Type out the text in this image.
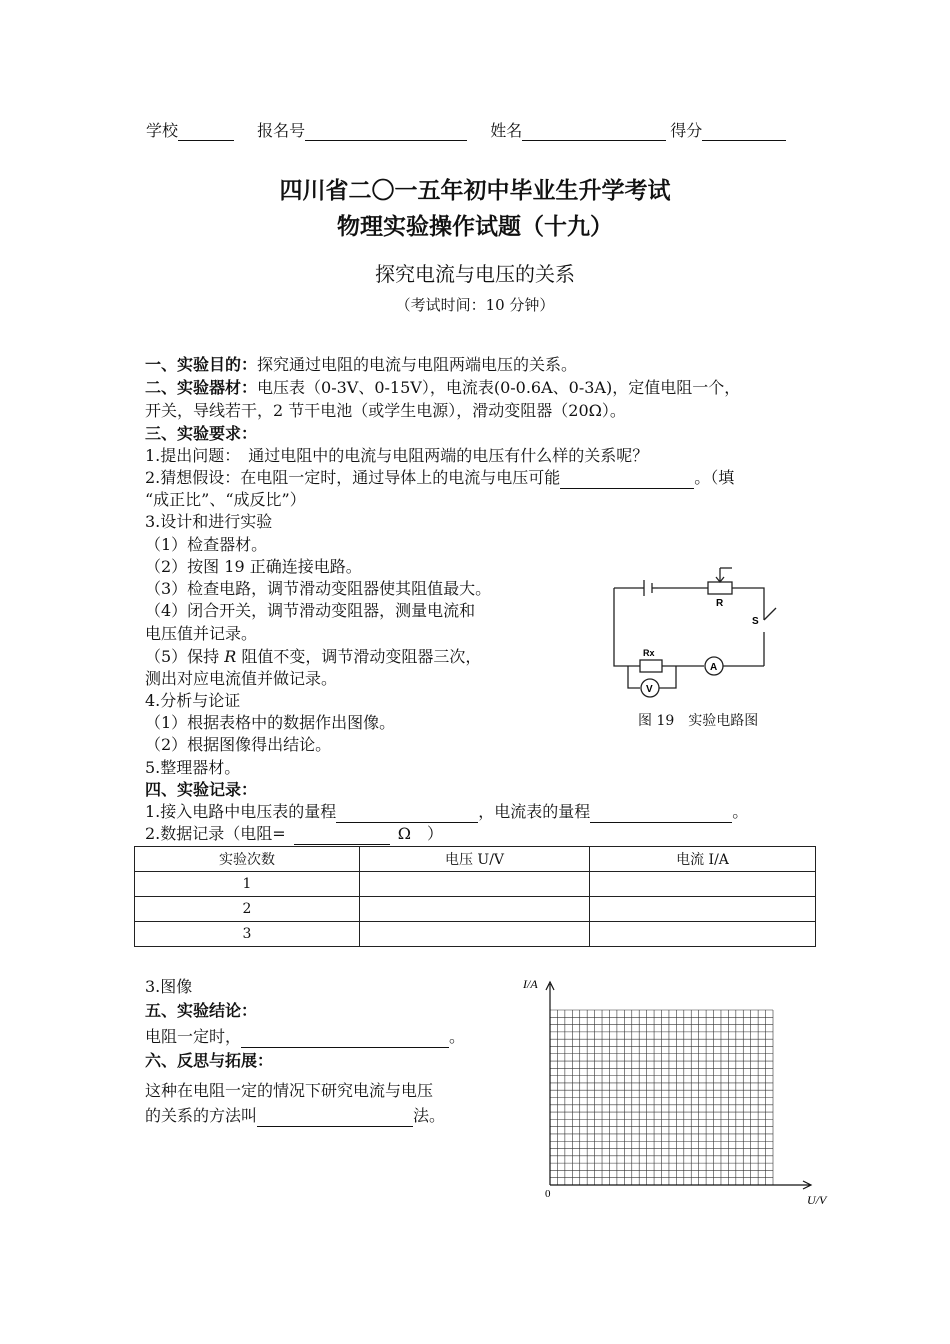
学校	报名号	姓名	得分
四川省二〇一五年初中毕业生升学考试
物理实验操作试题（十九）
探究电流与电压的关系
（考试时间：10 分钟）
一、实验目的：探究通过电阻的电流与电阻两端电压的关系。
二、实验器材：电压表（0-3V、0-15V），电流表(0-0.6A、0-3A)，定值电阻一个，
开关，导线若干，2 节干电池（或学生电源），滑动变阻器（20Ω）。
三、实验要求：
1.提出问题：　通过电阻中的电流与电阻两端的电压有什么样的关系呢？
2.猜想假设：在电阻一定时，通过导体上的电流与电压可能	。（填
“成正比”、“成反比”）
3.设计和进行实验
（1）检查器材。
（2）按图 19 正确连接电路。
（3）检查电路，调节滑动变阻器使其阻值最大。
（4）闭合开关，调节滑动变阻器，测量电流和
电压值并记录。
（5）保持 R 阻值不变，调节滑动变阻器三次，
测出对应电流值并做记录。
4.分析与论证
（1）根据表格中的数据作出图像。
（2）根据图像得出结论。
5.整理器材。
四、实验记录：
1.接入电路中电压表的量程	，电流表的量程	。
2.数据记录（电阻=	Ω　）
实验次数	电压 U/V	电流 I/A
1		
2		
3		
3.图像
五、实验结论：
电阻一定时，	。
六、反思与拓展：
这种在电阻一定的情况下研究电流与电压
的关系的方法叫	法。
R
S
Rx
A
V
图 19　实验电路图
I/A
U/V
0
